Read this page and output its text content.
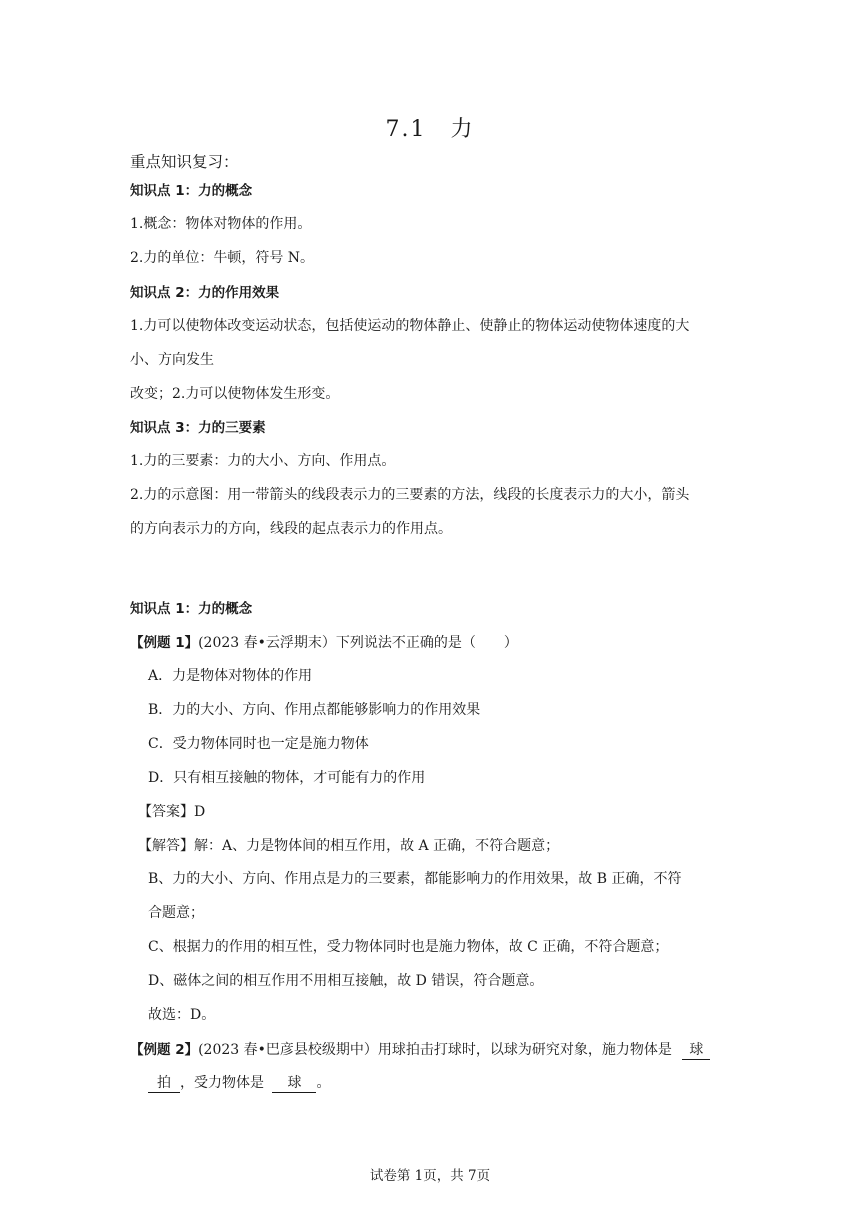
7.1　力
重点知识复习：
知识点 1：力的概念
1.概念：物体对物体的作用。
2.力的单位：牛顿，符号 N。
知识点 2：力的作用效果
1.力可以使物体改变运动状态，包括使运动的物体静止、使静止的物体运动使物体速度的大
小、方向发生
改变；2.力可以使物体发生形变。
知识点 3：力的三要素
1.力的三要素：力的大小、方向、作用点。
2.力的示意图：用一带箭头的线段表示力的三要素的方法，线段的长度表示力的大小，箭头
的方向表示力的方向，线段的起点表示力的作用点。
知识点 1：力的概念
【例题 1】(2023 春•云浮期末）下列说法不正确的是（　　）
A．力是物体对物体的作用
B．力的大小、方向、作用点都能够影响力的作用效果
C．受力物体同时也一定是施力物体
D．只有相互接触的物体，才可能有力的作用
【答案】D
【解答】解：A、力是物体间的相互作用，故 A 正确，不符合题意；
B、力的大小、方向、作用点是力的三要素，都能影响力的作用效果，故 B 正确，不符
合题意；
C、根据力的作用的相互性，受力物体同时也是施力物体，故 C 正确，不符合题意；
D、磁体之间的相互作用不用相互接触，故 D 错误，符合题意。
故选：D。
【例题 2】(2023 春•巴彦县校级期中）用球拍击打球时，以球为研究对象，施力物体是 球
拍 ，受力物体是 球 。
试卷第 1页，共 7页
